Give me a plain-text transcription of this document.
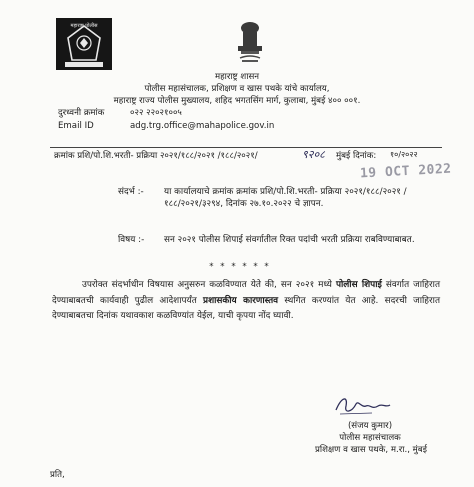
महाराष्ट्र पोलीस
महाराष्ट्र शासन
पोलीस महासंचालक, प्रशिक्षण व खास पथके यांचे कार्यालय,
महाराष्ट्र राज्य पोलीस मुख्यालय, शहिद भगतसिंग मार्ग, कुलाबा, मुंबई ४०० ००१.
दुरध्वनी क्रमांक	०२२ २२०२१००५
Email ID	adg.trg.office@mahapolice.gov.in
क्रमांक प्रशि/पो.शि.भरती- प्रक्रिया २०२१/१८८/२०२१ /१८८/२०२१/	९२०८ मुंबई दिनांक: १०/२०२२
19 OCT 2022
संदर्भ :- या कार्यालयाचे क्रमांक क्रमांक प्रशि/पो.शि.भरती- प्रक्रिया २०२१/१८८/२०२१ /१८८/२०२१/३२९४, दिनांक २७.१०.२०२२ चे ज्ञापन.
विषय :- सन २०२१ पोलीस शिपाई संवर्गातील रिक्त पदांची भरती प्रक्रिया राबविण्याबाबत.
* * * * * *
उपरोक्त संदर्भाधीन विषयास अनुसरुन कळविण्यात येते की, सन २०२१ मध्ये पोलीस शिपाई संवर्गात जाहिरात देण्याबाबतची कार्यवाही पुढील आदेशापर्यंत प्रशासकीय कारणास्तव स्थगित करण्यांत येत आहे. सदरची जाहिरात देण्याबाबतचा दिनांक यथावकाश कळविण्यांत येईल, याची कृपया नोंद घ्यावी.
(संजय कुमार)
पोलीस महासंचालक
प्रशिक्षण व खास पथके, म.रा., मुंबई
प्रति,
